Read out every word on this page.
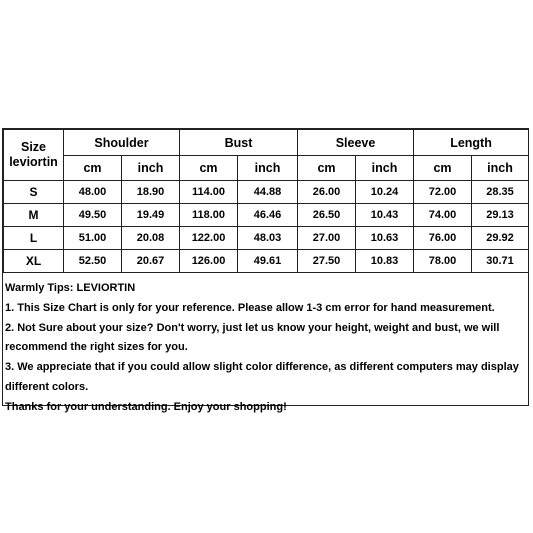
Size
leviortin	Shoulder		Bust		Sleeve		Length	
	cm	inch	cm	inch	cm	inch	cm	inch
S	48.00	18.90	114.00	44.88	26.00	10.24	72.00	28.35
M	49.50	19.49	118.00	46.46	26.50	10.43	74.00	29.13
L	51.00	20.08	122.00	48.03	27.00	10.63	76.00	29.92
XL	52.50	20.67	126.00	49.61	27.50	10.83	78.00	30.71
Warmly Tips: LEVIORTIN
1. This Size Chart is only for your reference. Please allow 1-3 cm error for hand measurement.
2. Not Sure about your size? Don't worry, just let us know your height, weight and bust, we will
recommend the right sizes for you.
3. We appreciate that if you could allow slight color difference, as different computers may display
different colors.
Thanks for your understanding. Enjoy your shopping!
